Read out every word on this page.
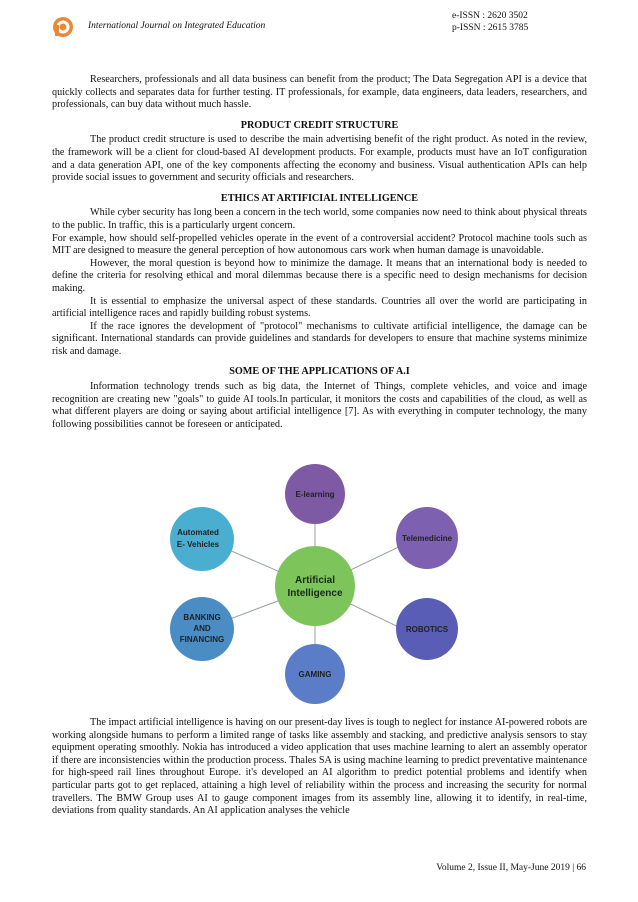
International Journal on Integrated Education
e-ISSN : 2620 3502
p-ISSN : 2615 3785

Researchers, professionals and all data business can benefit from the product; The Data Segregation API is a device that quickly collects and separates data for further testing. IT professionals, for example, data engineers, data leaders, researchers, and professionals, can buy data without much hassle.

PRODUCT CREDIT STRUCTURE

The product credit structure is used to describe the main advertising benefit of the right product. As noted in the review, the framework will be a client for cloud-based AI development products. For example, products must have an IoT configuration and a data generation API, one of the key components affecting the economy and business. Visual authentication APIs can help provide social issues to government and security officials and researchers.

ETHICS AT ARTIFICIAL INTELLIGENCE

While cyber security has long been a concern in the tech world, some companies now need to think about physical threats to the public. In traffic, this is a particularly urgent concern.

For example, how should self-propelled vehicles operate in the event of a controversial accident? Protocol machine tools such as MIT are designed to measure the general perception of how autonomous cars work when human damage is unavoidable.

However, the moral question is beyond how to minimize the damage. It means that an international body is needed to define the criteria for resolving ethical and moral dilemmas because there is a specific need to design mechanisms for decision making.

It is essential to emphasize the universal aspect of these standards. Countries all over the world are participating in artificial intelligence races and rapidly building robust systems.

If the race ignores the development of "protocol" mechanisms to cultivate artificial intelligence, the damage can be significant. International standards can provide guidelines and standards for developers to ensure that machine systems minimize risk and damage.

SOME OF THE APPLICATIONS OF A.I

Information technology trends such as big data, the Internet of Things, complete vehicles, and voice and image recognition are creating new "goals" to guide AI tools.In particular, it monitors the costs and capabilities of the cloud, as well as what different players are doing or saying about artificial intelligence [7]. As with everything in computer technology, the many following possibilities cannot be foreseen or anticipated.

E-learning
Telemedicine
ROBOTICS
GAMING
BANKING
AND
FINANCING
Automated
E- Vehicles
Artificial
Intelligence

The impact artificial intelligence is having on our present-day lives is tough to neglect for instance AI-powered robots are working alongside humans to perform a limited range of tasks like assembly and stacking, and predictive analysis sensors to stay equipment operating smoothly. Nokia has introduced a video application that uses machine learning to alert an assembly operator if there are inconsistencies within the production process. Thales SA is using machine learning to predict preventative maintenance for high-speed rail lines throughout Europe. it's developed an AI algorithm to predict potential problems and identify when particular parts got to get replaced, attaining a high level of reliability within the process and increasing the security for normal travellers. The BMW Group uses AI to gauge component images from its assembly line, allowing it to identify, in real-time, deviations from quality standards. An AI application analyses the vehicle

Volume 2, Issue II, May-June 2019 | 66
